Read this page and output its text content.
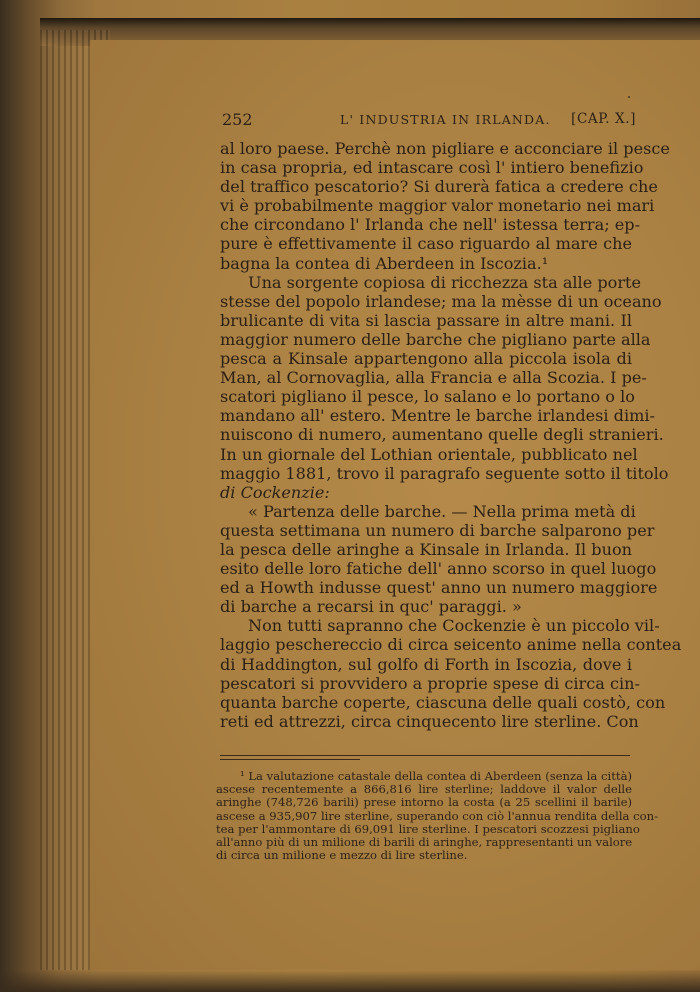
252	L' INDUSTRIA IN IRLANDA. [CAP. X.]
al loro paese. Perchè non pigliare e acconciare il pesce
in casa propria, ed intascare così l' intiero benefizio
del traffico pescatorio? Si durerà fatica a credere che
vi è probabilmente maggior valor monetario nei mari
che circondano l' Irlanda che nell' istessa terra; ep-
pure è effettivamente il caso riguardo al mare che
bagna la contea di Aberdeen in Iscozia.¹
Una sorgente copiosa di ricchezza sta alle porte
stesse del popolo irlandese; ma la mèsse di un oceano
brulicante di vita si lascia passare in altre mani. Il
maggior numero delle barche che pigliano parte alla
pesca a Kinsale appartengono alla piccola isola di
Man, al Cornovaglia, alla Francia e alla Scozia. I pe-
scatori pigliano il pesce, lo salano e lo portano o lo
mandano all' estero. Mentre le barche irlandesi dimi-
nuiscono di numero, aumentano quelle degli stranieri.
In un giornale del Lothian orientale, pubblicato nel
maggio 1881, trovo il paragrafo seguente sotto il titolo
di Cockenzie:
« Partenza delle barche. — Nella prima metà di
questa settimana un numero di barche salparono per
la pesca delle aringhe a Kinsale in Irlanda. Il buon
esito delle loro fatiche dell' anno scorso in quel luogo
ed a Howth indusse quest' anno un numero maggiore
di barche a recarsi in quc' paraggi. »
Non tutti sapranno che Cockenzie è un piccolo vil-
laggio peschereccio di circa seicento anime nella contea
di Haddington, sul golfo di Forth in Iscozia, dove i
pescatori si provvidero a proprie spese di circa cin-
quanta barche coperte, ciascuna delle quali costò, con
reti ed attrezzi, circa cinquecento lire sterline. Con
¹ La valutazione catastale della contea di Aberdeen (senza la città)
ascese recentemente a 866,816 lire sterline; laddove il valor delle
aringhe (748,726 barili) prese intorno la costa (a 25 scellini il barile)
ascese a 935,907 lire sterline, superando con ciò l'annua rendita della con-
tea per l'ammontare di 69,091 lire sterline. I pescatori scozzesi pigliano
all'anno più di un milione di barili di aringhe, rappresentanti un valore
di circa un milione e mezzo di lire sterline.
